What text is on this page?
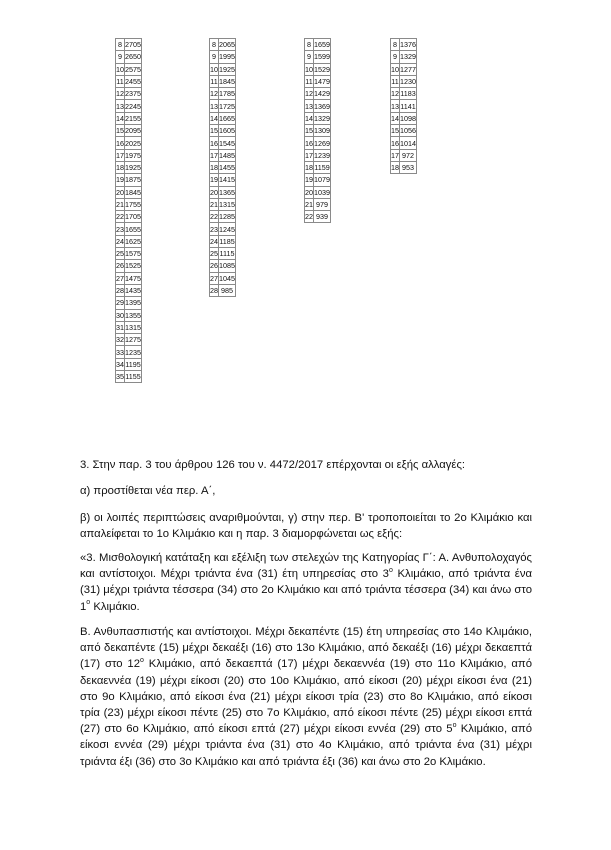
8	2705
9	2650
10	2575
11	2455
12	2375
13	2245
14	2155
15	2095
16	2025
17	1975
18	1925
19	1875
20	1845
21	1755
22	1705
23	1655
24	1625
25	1575
26	1525
27	1475
28	1435
29	1395
30	1355
31	1315
32	1275
33	1235
34	1195
35	1155
8	2065
9	1995
10	1925
11	1845
12	1785
13	1725
14	1665
15	1605
16	1545
17	1485
18	1455
19	1415
20	1365
21	1315
22	1285
23	1245
24	1185
25	1115
26	1085
27	1045
28	985
8	1659
9	1599
10	1529
11	1479
12	1429
13	1369
14	1329
15	1309
16	1269
17	1239
18	1159
19	1079
20	1039
21	979
22	939
8	1376
9	1329
10	1277
11	1230
12	1183
13	1141
14	1098
15	1056
16	1014
17	972
18	953

3. Στην παρ. 3 του άρθρου 126 του ν. 4472/2017 επέρχονται οι εξής αλλαγές:

α) προστίθεται νέα περ. Α΄,

β) οι λοιπές περιπτώσεις αναριθμούνται, γ) στην περ. Β' τροποποιείται το 2ο Κλιμάκιο και απαλείφεται το 1ο Κλιμάκιο και η παρ. 3 διαμορφώνεται ως εξής:

«3. Μισθολογική κατάταξη και εξέλιξη των στελεχών της Κατηγορίας Γ΄: Α. Ανθυπολοχαγός και αντίστοιχοι. Μέχρι τριάντα ένα (31) έτη υπηρεσίας στο $3^o$ Κλιμάκιο, από τριάντα ένα (31) μέχρι τριάντα τέσσερα (34) στο 2ο Κλιμάκιο και από τριάντα τέσσερα (34) και άνω στο $1^o$ Κλιμάκιο.

Β. Ανθυπασπιστής και αντίστοιχοι. Μέχρι δεκαπέντε (15) έτη υπηρεσίας στο 14ο Κλιμάκιο, από δεκαπέντε (15) μέχρι δεκαέξι (16) στο 13ο Κλιμάκιο, από δεκαέξι (16) μέχρι δεκαεπτά (17) στο $12^o$ Κλιμάκιο, από δεκαεπτά (17) μέχρι δεκαεννέα (19) στο 11ο Κλιμάκιο, από δεκαεννέα (19) μέχρι είκοσι (20) στο 10ο Κλιμάκιο, από είκοσι (20) μέχρι είκοσι ένα (21) στο 9ο Κλιμάκιο, από είκοσι ένα (21) μέχρι είκοσι τρία (23) στο 8ο Κλιμάκιο, από είκοσι τρία (23) μέχρι είκοσι πέντε (25) στο 7ο Κλιμάκιο, από είκοσι πέντε (25) μέχρι είκοσι επτά (27) στο 6ο Κλιμάκιο, από είκοσι επτά (27) μέχρι είκοσι εννέα (29) στο $5^o$ Κλιμάκιο, από είκοσι εννέα (29) μέχρι τριάντα ένα (31) στο 4ο Κλιμάκιο, από τριάντα ένα (31) μέχρι τριάντα έξι (36) στο 3ο Κλιμάκιο και από τριάντα έξι (36) και άνω στο 2ο Κλιμάκιο.
